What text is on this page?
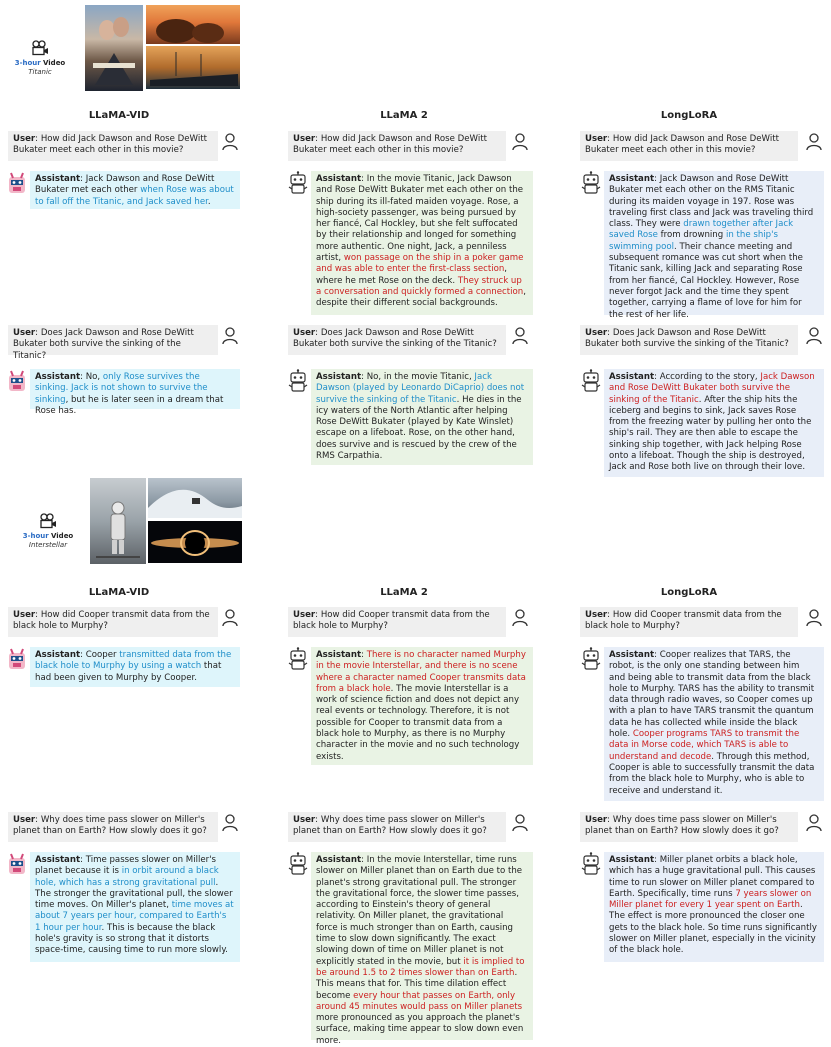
3-hour Video
Titanic
LLaMA-VID	LLaMA 2	LongLoRA
User: How did Jack Dawson and Rose DeWitt Bukater meet each other in this movie?
User: How did Jack Dawson and Rose DeWitt Bukater meet each other in this movie?
User: How did Jack Dawson and Rose DeWitt Bukater meet each other in this movie?
Assistant: Jack Dawson and Rose DeWitt Bukater met each other when Rose was about to fall off the Titanic, and Jack saved her.
Assistant: In the movie Titanic, Jack Dawson and Rose DeWitt Bukater met each other on the ship during its ill-fated maiden voyage. Rose, a high-society passenger, was being pursued by her fiancé, Cal Hockley, but she felt suffocated by their relationship and longed for something more authentic. One night, Jack, a penniless artist, won passage on the ship in a poker game and was able to enter the first-class section, where he met Rose on the deck. They struck up a conversation and quickly formed a connection, despite their different social backgrounds.
Assistant: Jack Dawson and Rose DeWitt Bukater met each other on the RMS Titanic during its maiden voyage in 197. Rose was traveling first class and Jack was traveling third class. They were drawn together after Jack saved Rose from drowning in the ship's swimming pool. Their chance meeting and subsequent romance was cut short when the Titanic sank, killing Jack and separating Rose from her fiancé, Cal Hockley. However, Rose never forgot Jack and the time they spent together, carrying a flame of love for him for the rest of her life.
User: Does Jack Dawson and Rose DeWitt Bukater both survive the sinking of the Titanic?
User: Does Jack Dawson and Rose DeWitt Bukater both survive the sinking of the Titanic?
User: Does Jack Dawson and Rose DeWitt Bukater both survive the sinking of the Titanic?
Assistant: No, only Rose survives the sinking. Jack is not shown to survive the sinking, but he is later seen in a dream that Rose has.
Assistant: No, in the movie Titanic, Jack Dawson (played by Leonardo DiCaprio) does not survive the sinking of the Titanic. He dies in the icy waters of the North Atlantic after helping Rose DeWitt Bukater (played by Kate Winslet) escape on a lifeboat. Rose, on the other hand, does survive and is rescued by the crew of the RMS Carpathia.
Assistant: According to the story, Jack Dawson and Rose DeWitt Bukater both survive the sinking of the Titanic. After the ship hits the iceberg and begins to sink, Jack saves Rose from the freezing water by pulling her onto the ship's rail. They are then able to escape the sinking ship together, with Jack helping Rose onto a lifeboat. Though the ship is destroyed, Jack and Rose both live on through their love.
3-hour Video
Interstellar
LLaMA-VID	LLaMA 2	LongLoRA
User: How did Cooper transmit data from the black hole to Murphy?
User: How did Cooper transmit data from the black hole to Murphy?
User: How did Cooper transmit data from the black hole to Murphy?
Assistant: Cooper transmitted data from the black hole to Murphy by using a watch that had been given to Murphy by Cooper.
Assistant: There is no character named Murphy in the movie Interstellar, and there is no scene where a character named Cooper transmits data from a black hole. The movie Interstellar is a work of science fiction and does not depict any real events or technology. Therefore, it is not possible for Cooper to transmit data from a black hole to Murphy, as there is no Murphy character in the movie and no such technology exists.
Assistant: Cooper realizes that TARS, the robot, is the only one standing between him and being able to transmit data from the black hole to Murphy. TARS has the ability to transmit data through radio waves, so Cooper comes up with a plan to have TARS transmit the quantum data he has collected while inside the black hole. Cooper programs TARS to transmit the data in Morse code, which TARS is able to understand and decode. Through this method, Cooper is able to successfully transmit the data from the black hole to Murphy, who is able to receive and understand it.
User: Why does time pass slower on Miller's planet than on Earth? How slowly does it go?
User: Why does time pass slower on Miller's planet than on Earth? How slowly does it go?
User: Why does time pass slower on Miller's planet than on Earth? How slowly does it go?
Assistant: Time passes slower on Miller's planet because it is in orbit around a black hole, which has a strong gravitational pull. The stronger the gravitational pull, the slower time moves. On Miller's planet, time moves at about 7 years per hour, compared to Earth's 1 hour per hour. This is because the black hole's gravity is so strong that it distorts space-time, causing time to run more slowly.
Assistant: In the movie Interstellar, time runs slower on Miller planet than on Earth due to the planet's strong gravitational pull. The stronger the gravitational force, the slower time passes, according to Einstein's theory of general relativity. On Miller planet, the gravitational force is much stronger than on Earth, causing time to slow down significantly. The exact slowing down of time on Miller planet is not explicitly stated in the movie, but it is implied to be around 1.5 to 2 times slower than on Earth. This means that for. This time dilation effect become every hour that passes on Earth, only around 45 minutes would pass on Miller planets more pronounced as you approach the planet's surface, making time appear to slow down even more.
Assistant: Miller planet orbits a black hole, which has a huge gravitational pull. This causes time to run slower on Miller planet compared to Earth. Specifically, time runs 7 years slower on Miller planet for every 1 year spent on Earth. The effect is more pronounced the closer one gets to the black hole. So time runs significantly slower on Miller planet, especially in the vicinity of the black hole.
